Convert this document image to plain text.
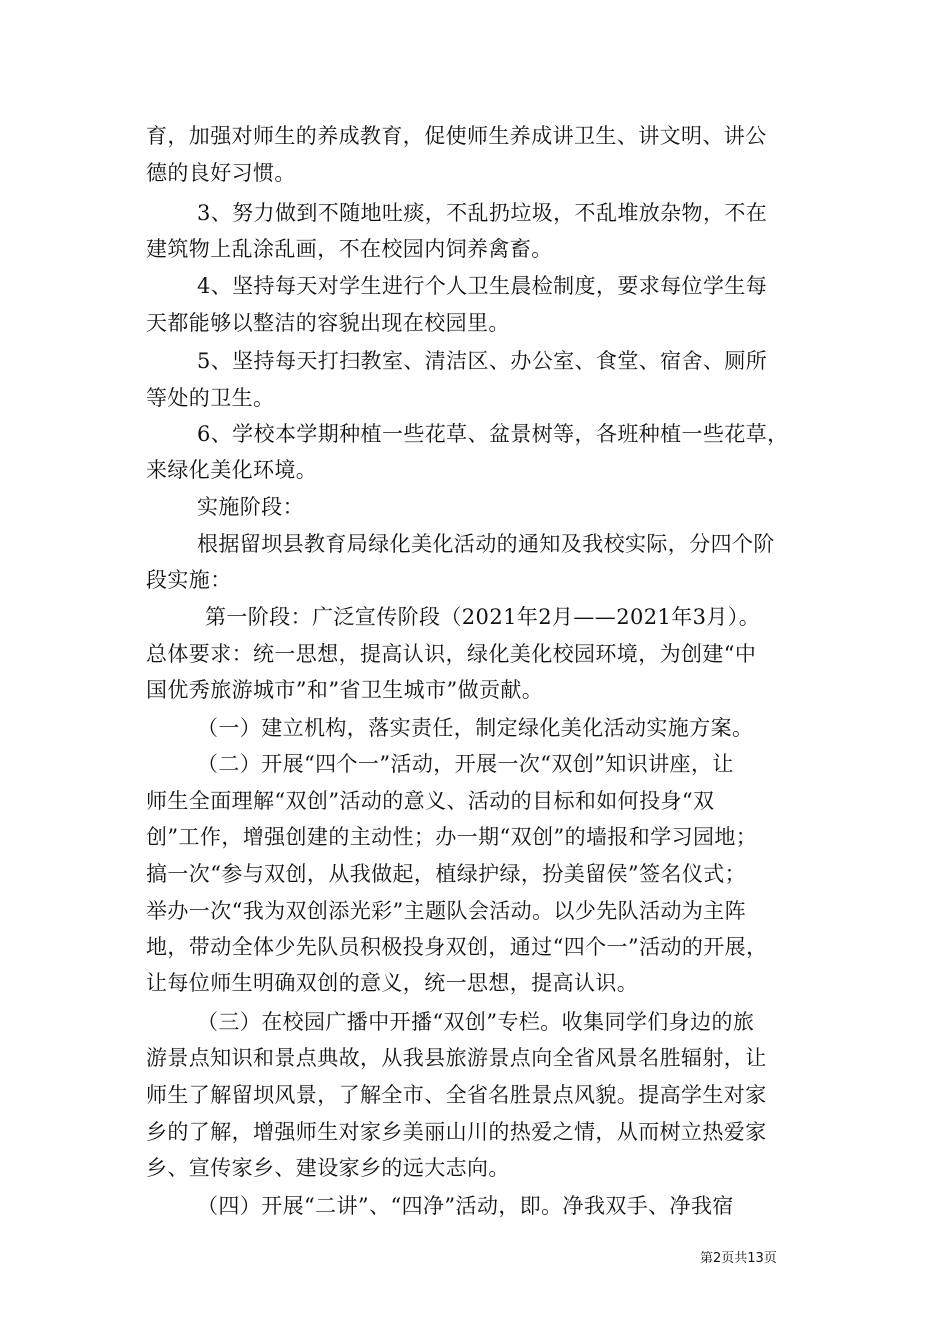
育，加强对师生的养成教育，促使师生养成讲卫生、讲文明、讲公
德的良好习惯。
3、努力做到不随地吐痰，不乱扔垃圾，不乱堆放杂物，不在
建筑物上乱涂乱画，不在校园内饲养禽畜。
4、坚持每天对学生进行个人卫生晨检制度，要求每位学生每
天都能够以整洁的容貌出现在校园里。
5、坚持每天打扫教室、清洁区、办公室、食堂、宿舍、厕所
等处的卫生。
6、学校本学期种植一些花草、盆景树等，各班种植一些花草，
来绿化美化环境。
实施阶段：
根据留坝县教育局绿化美化活动的通知及我校实际，分四个阶
段实施：
第一阶段：广泛宣传阶段（2021年2月——2021年3月）。
总体要求：统一思想，提高认识，绿化美化校园环境，为创建“中
国优秀旅游城市”和”省卫生城市”做贡献。
（一）建立机构，落实责任，制定绿化美化活动实施方案。
（二）开展“四个一”活动，开展一次“双创”知识讲座，让
师生全面理解“双创”活动的意义、活动的目标和如何投身“双
创”工作，增强创建的主动性；办一期“双创”的墙报和学习园地；
搞一次“参与双创，从我做起，植绿护绿，扮美留侯”签名仪式；
举办一次“我为双创添光彩”主题队会活动。以少先队活动为主阵
地，带动全体少先队员积极投身双创，通过“四个一”活动的开展，
让每位师生明确双创的意义，统一思想，提高认识。
（三）在校园广播中开播“双创”专栏。收集同学们身边的旅
游景点知识和景点典故，从我县旅游景点向全省风景名胜辐射，让
师生了解留坝风景，了解全市、全省名胜景点风貌。提高学生对家
乡的了解，增强师生对家乡美丽山川的热爱之情，从而树立热爱家
乡、宣传家乡、建设家乡的远大志向。
（四）开展“二讲”、“四净”活动，即。净我双手、净我宿
第2页共13页
